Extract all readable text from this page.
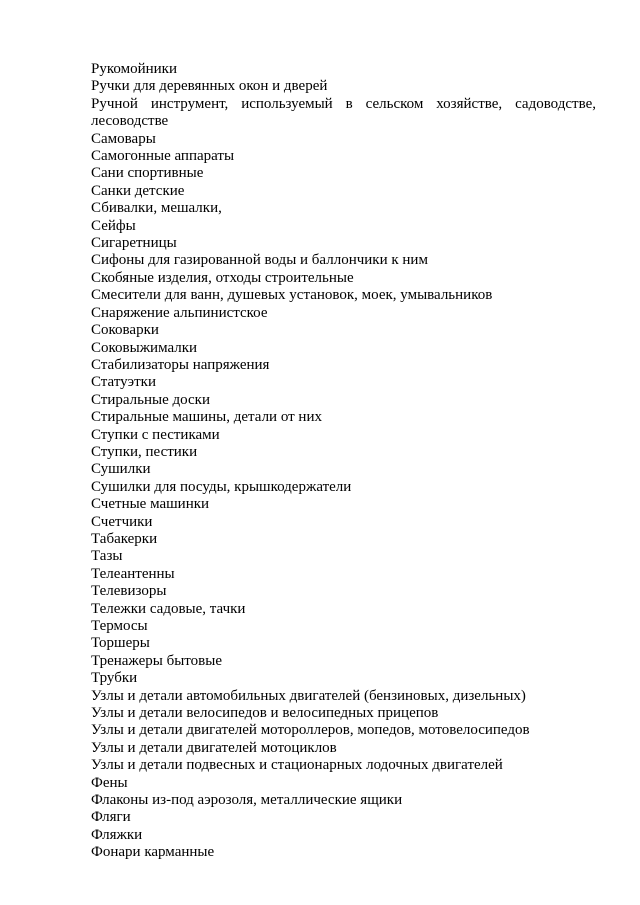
Рукомойники
Ручки для деревянных окон и дверей
Ручной инструмент, используемый в сельском хозяйстве, садоводстве, лесоводстве
Самовары
Самогонные аппараты
Сани спортивные
Санки детские
Сбивалки, мешалки,
Сейфы
Сигаретницы
Сифоны для газированной воды и баллончики к ним
Скобяные изделия, отходы строительные
Смесители для ванн, душевых установок, моек, умывальников
Снаряжение альпинистское
Соковарки
Соковыжималки
Стабилизаторы напряжения
Статуэтки
Стиральные доски
Стиральные машины, детали от них
Ступки с пестиками
Ступки, пестики
Сушилки
Сушилки для посуды, крышкодержатели
Счетные машинки
Счетчики
Табакерки
Тазы
Телеантенны
Телевизоры
Тележки садовые, тачки
Термосы
Торшеры
Тренажеры бытовые
Трубки
Узлы и детали автомобильных двигателей (бензиновых, дизельных)
Узлы и детали велосипедов и велосипедных прицепов
Узлы и детали двигателей мотороллеров, мопедов, мотовелосипедов
Узлы и детали двигателей мотоциклов
Узлы и детали подвесных и стационарных лодочных двигателей
Фены
Флаконы из-под аэрозоля, металлические ящики
Фляги
Фляжки
Фонари карманные
